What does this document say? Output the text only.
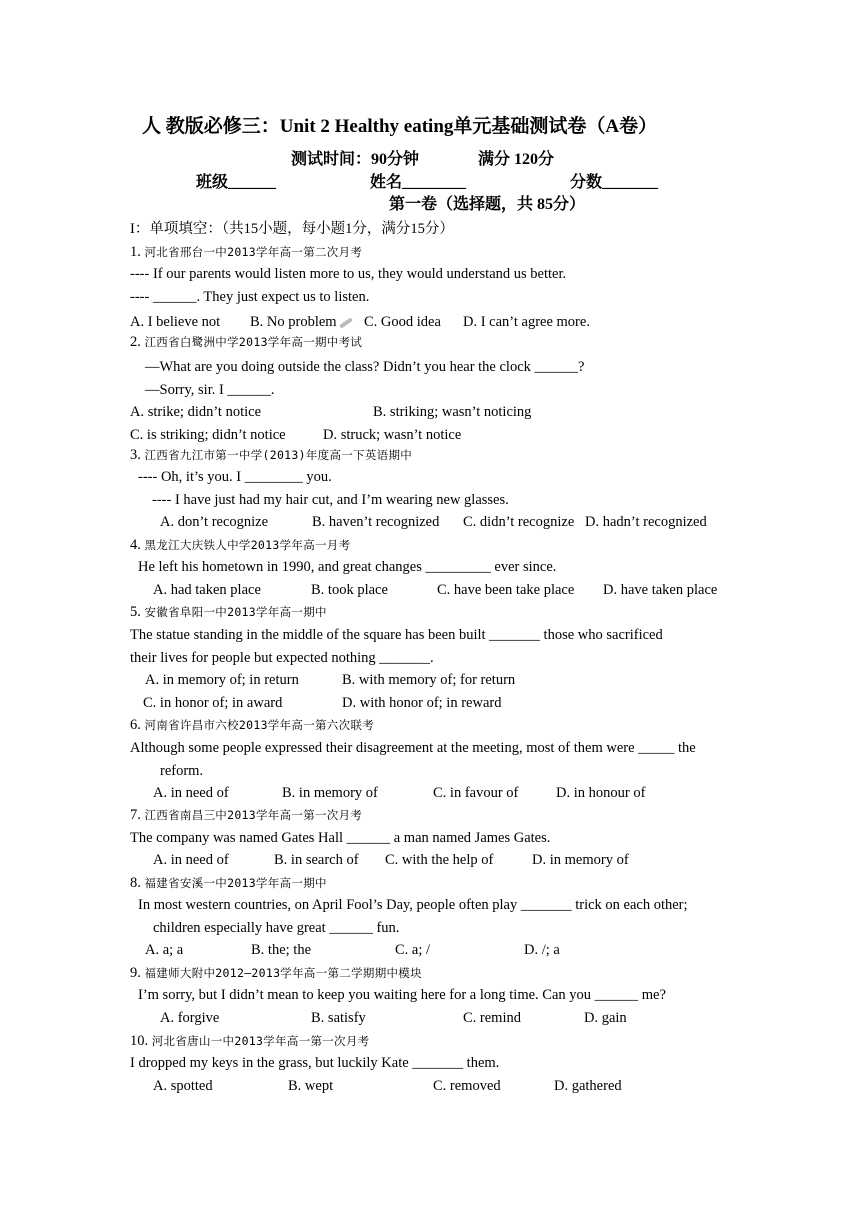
人 教版必修三：Unit 2 Healthy eating单元基础测试卷（A卷）
测试时间：90分钟	满分 120分
班级______	姓名________	分数_______
第一卷（选择题，共 85分）
I：单项填空：（共15小题，每小题1分，满分15分）
1. 河北省邢台一中2013学年高一第二次月考
---- If our parents would listen more to us, they would understand us better.
---- ______. They just expect us to listen.
A. I believe not B. No problem	C. Good idea D. I can’t agree more.
2. 江西省白鹭洲中学2013学年高一期中考试
—What are you doing outside the class? Didn’t you hear the clock ______?
—Sorry, sir. I ______.
A. strike; didn’t notice	B. striking; wasn’t noticing
C. is striking; didn’t notice	D. struck; wasn’t notice
3. 江西省九江市第一中学(2013)年度高一下英语期中
---- Oh, it’s you. I ________ you.
---- I have just had my hair cut, and I’m wearing new glasses.
A. don’t recognize	B. haven’t recognized C. didn’t recognize D. hadn’t recognized
4. 黑龙江大庆铁人中学2013学年高一月考
He left his hometown in 1990, and great changes _________ ever since.
A. had taken place	B. took place	C. have been take place D. have taken place
5. 安徽省阜阳一中2013学年高一期中
The statue standing in the middle of the square has been built _______ those who sacrificed
their lives for people but expected nothing _______.
A. in memory of; in return	B. with memory of; for return
C. in honor of; in award	D. with honor of; in reward
6. 河南省许昌市六校2013学年高一第六次联考
Although some people expressed their disagreement at the meeting, most of them were _____ the
reform.
A. in need of	B. in memory of	C. in favour of	D. in honour of
7. 江西省南昌三中2013学年高一第一次月考
The company was named Gates Hall ______ a man named James Gates.
A. in need of	B. in search of C. with the help of	D. in memory of
8. 福建省安溪一中2013学年高一期中
In most western countries, on April Fool’s Day, people often play _______ trick on each other;
children especially have great ______ fun.
A. a; a	B. the; the	C. a; /	D. /; a
9. 福建师大附中2012—2013学年高一第二学期期中模块
I’m sorry, but I didn’t mean to keep you waiting here for a long time. Can you ______ me?
A. forgive	B. satisfy	C. remind	D. gain
10. 河北省唐山一中2013学年高一第一次月考
I dropped my keys in the grass, but luckily Kate _______ them.
A. spotted	B. wept	C. removed	D. gathered
